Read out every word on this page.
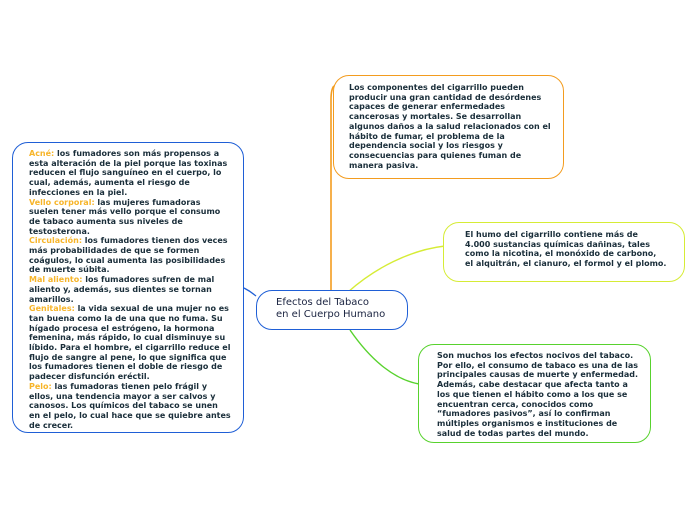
Efectos del Tabaco
en el Cuerpo Humano
Acné: los fumadores son más propensos a
esta alteración de la piel porque las toxinas
reducen el flujo sanguíneo en el cuerpo, lo
cual, además, aumenta el riesgo de
infecciones en la piel.
Vello corporal: las mujeres fumadoras
suelen tener más vello porque el consumo
de tabaco aumenta sus niveles de
testosterona.
Circulación: los fumadores tienen dos veces
más probabilidades de que se formen
coágulos, lo cual aumenta las posibilidades
de muerte súbita.
Mal aliento: los fumadores sufren de mal
aliento y, además, sus dientes se tornan
amarillos.
Genitales: la vida sexual de una mujer no es
tan buena como la de una que no fuma. Su
hígado procesa el estrógeno, la hormona
femenina, más rápido, lo cual disminuye su
líbido. Para el hombre, el cigarrillo reduce el
flujo de sangre al pene, lo que significa que
los fumadores tienen el doble de riesgo de
padecer disfunción eréctil.
Pelo: las fumadoras tienen pelo frágil y
ellos, una tendencia mayor a ser calvos y
canosos. Los químicos del tabaco se unen
en el pelo, lo cual hace que se quiebre antes
de crecer.
Los componentes del cigarrillo pueden
producir una gran cantidad de desórdenes
capaces de generar enfermedades
cancerosas y mortales. Se desarrollan
algunos daños a la salud relacionados con el
hábito de fumar, el problema de la
dependencia social y los riesgos y
consecuencias para quienes fuman de
manera pasiva.
El humo del cigarrillo contiene más de
4.000 sustancias químicas dañinas, tales
como la nicotina, el monóxido de carbono,
el alquitrán, el cianuro, el formol y el plomo.
Son muchos los efectos nocivos del tabaco.
Por ello, el consumo de tabaco es una de las
principales causas de muerte y enfermedad.
Además, cabe destacar que afecta tanto a
los que tienen el hábito como a los que se
encuentran cerca, conocidos como
“fumadores pasivos”, así lo confirman
múltiples organismos e instituciones de
salud de todas partes del mundo.
